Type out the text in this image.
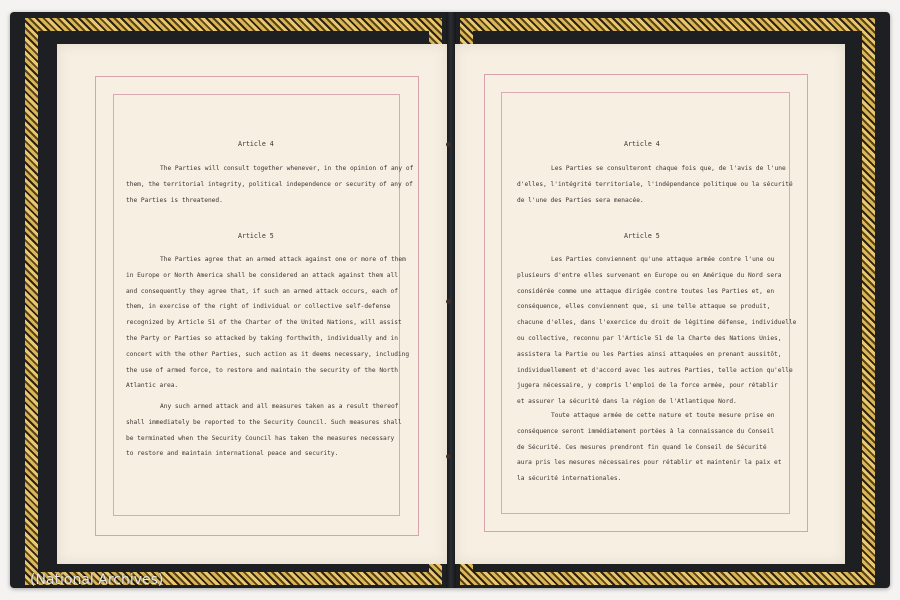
Article 4
The Parties will consult together whenever, in the opinion of any of
them, the territorial integrity, political independence or security of any of
the Parties is threatened.
Article 5
The Parties agree that an armed attack against one or more of them
in Europe or North America shall be considered an attack against them all
and consequently they agree that, if such an armed attack occurs, each of
them, in exercise of the right of individual or collective self-defense
recognized by Article 51 of the Charter of the United Nations, will assist
the Party or Parties so attacked by taking forthwith, individually and in
concert with the other Parties, such action as it deems necessary, including
the use of armed force, to restore and maintain the security of the North
Atlantic area.
Any such armed attack and all measures taken as a result thereof
shall immediately be reported to the Security Council. Such measures shall
be terminated when the Security Council has taken the measures necessary
to restore and maintain international peace and security.
Article 4
Les Parties se consulteront chaque fois que, de l'avis de l'une
d'elles, l'intégrité territoriale, l'indépendance politique ou la sécurité
de l'une des Parties sera menacée.
Article 5
Les Parties conviennent qu'une attaque armée contre l'une ou
plusieurs d'entre elles survenant en Europe ou en Amérique du Nord sera
considérée comme une attaque dirigée contre toutes les Parties et, en
conséquence, elles conviennent que, si une telle attaque se produit,
chacune d'elles, dans l'exercice du droit de légitime défense, individuelle
ou collective, reconnu par l'Article 51 de la Charte des Nations Unies,
assistera la Partie ou les Parties ainsi attaquées en prenant aussitôt,
individuellement et d'accord avec les autres Parties, telle action qu'elle
jugera nécessaire, y compris l'emploi de la force armée, pour rétablir
et assurer la sécurité dans la région de l'Atlantique Nord.
Toute attaque armée de cette nature et toute mesure prise en
conséquence seront immédiatement portées à la connaissance du Conseil
de Sécurité. Ces mesures prendront fin quand le Conseil de Sécurité
aura pris les mesures nécessaires pour rétablir et maintenir la paix et
la sécurité internationales.
(National Archives)
